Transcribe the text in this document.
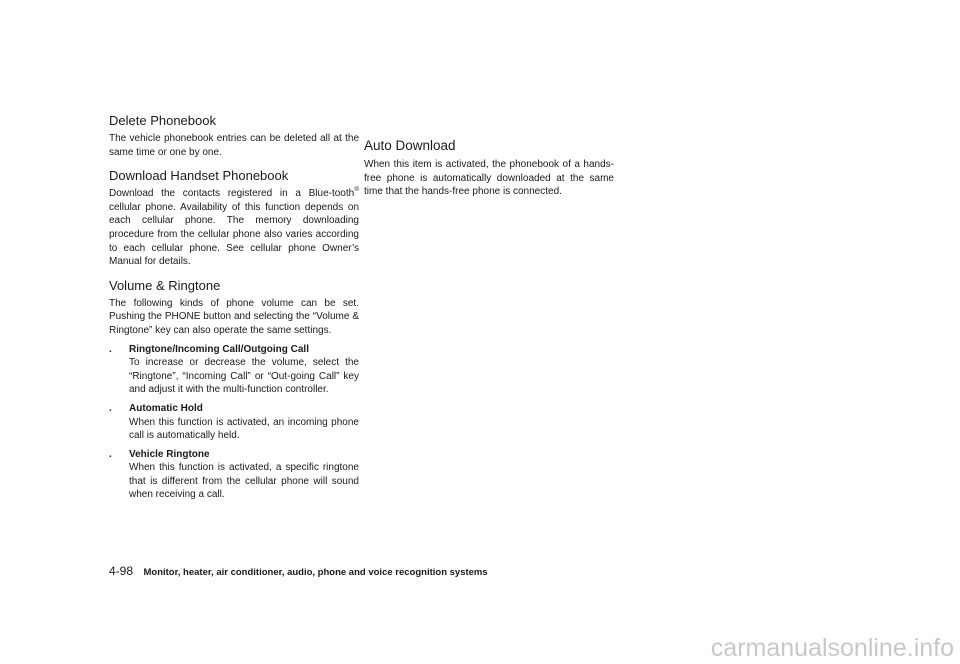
Delete Phonebook

The vehicle phonebook entries can be deleted all at the same time or one by one.

Download Handset Phonebook

Download the contacts registered in a Blue-tooth® cellular phone. Availability of this function depends on each cellular phone. The memory downloading procedure from the cellular phone also varies according to each cellular phone. See cellular phone Owner’s Manual for details.

Volume & Ringtone

The following kinds of phone volume can be set. Pushing the PHONE button and selecting the “Volume & Ringtone” key can also operate the same settings.

. Ringtone/Incoming Call/Outgoing Call

To increase or decrease the volume, select the “Ringtone”, “Incoming Call” or “Out-going Call” key and adjust it with the multi-function controller.

. Automatic Hold

When this function is activated, an incoming phone call is automatically held.

. Vehicle Ringtone

When this function is activated, a specific ringtone that is different from the cellular phone will sound when receiving a call.

Auto Download

When this item is activated, the phonebook of a hands-free phone is automatically downloaded at the same time that the hands-free phone is connected.

4-98 Monitor, heater, air conditioner, audio, phone and voice recognition systems
carmanualsonline.info
